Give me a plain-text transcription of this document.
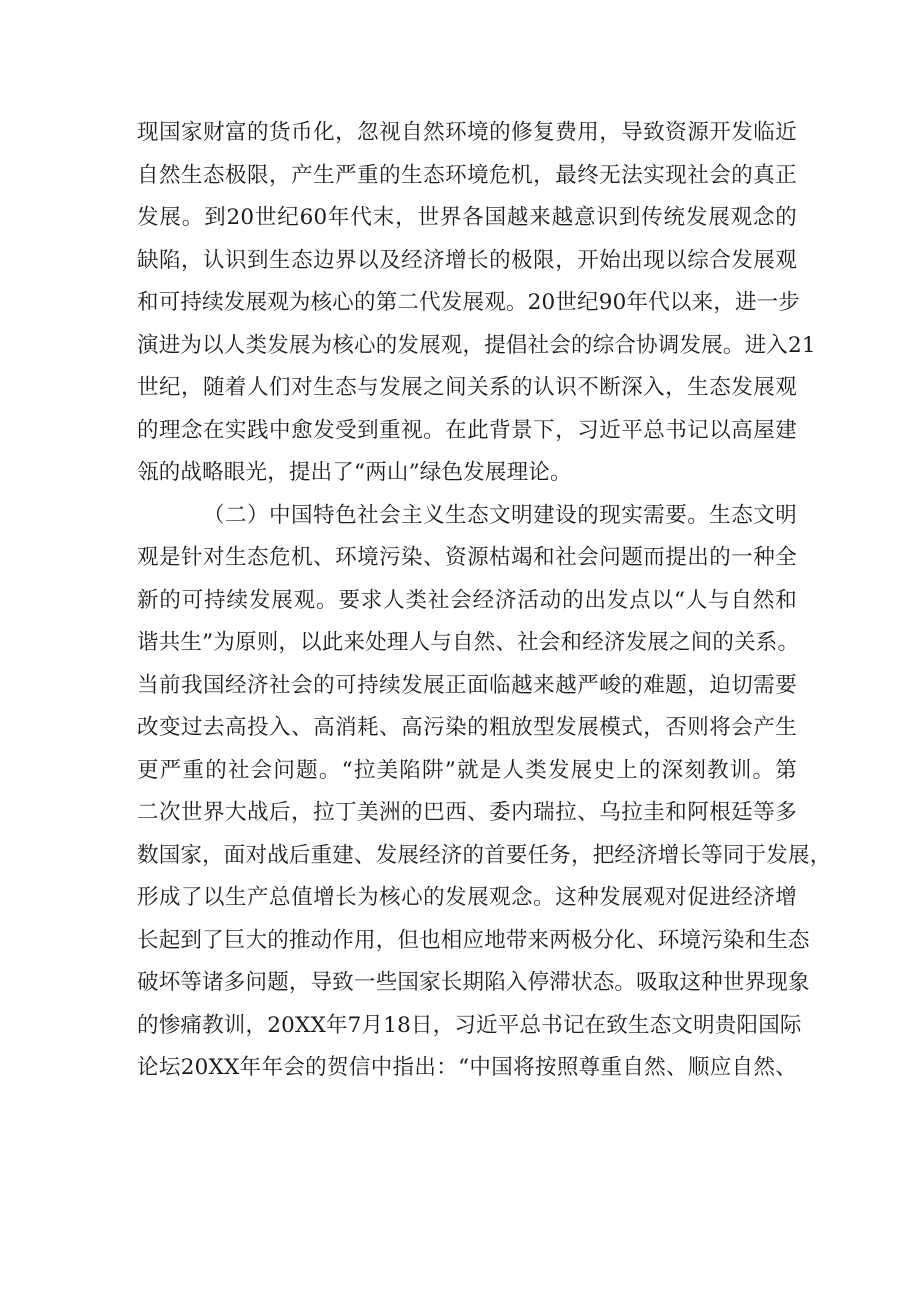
现国家财富的货币化，忽视自然环境的修复费用，导致资源开发临近
自然生态极限，产生严重的生态环境危机，最终无法实现社会的真正
发展。到20世纪60年代末，世界各国越来越意识到传统发展观念的
缺陷，认识到生态边界以及经济增长的极限，开始出现以综合发展观
和可持续发展观为核心的第二代发展观。20世纪90年代以来，进一步
演进为以人类发展为核心的发展观，提倡社会的综合协调发展。进入21
世纪，随着人们对生态与发展之间关系的认识不断深入，生态发展观
的理念在实践中愈发受到重视。在此背景下，习近平总书记以高屋建
瓴的战略眼光，提出了“两山”绿色发展理论。
（二）中国特色社会主义生态文明建设的现实需要。生态文明
观是针对生态危机、环境污染、资源枯竭和社会问题而提出的一种全
新的可持续发展观。要求人类社会经济活动的出发点以“人与自然和
谐共生”为原则，以此来处理人与自然、社会和经济发展之间的关系。
当前我国经济社会的可持续发展正面临越来越严峻的难题，迫切需要
改变过去高投入、高消耗、高污染的粗放型发展模式，否则将会产生
更严重的社会问题。“拉美陷阱”就是人类发展史上的深刻教训。第
二次世界大战后，拉丁美洲的巴西、委内瑞拉、乌拉圭和阿根廷等多
数国家，面对战后重建、发展经济的首要任务，把经济增长等同于发展，
形成了以生产总值增长为核心的发展观念。这种发展观对促进经济增
长起到了巨大的推动作用，但也相应地带来两极分化、环境污染和生态
破坏等诸多问题，导致一些国家长期陷入停滞状态。吸取这种世界现象
的惨痛教训，20XX年7月18日，习近平总书记在致生态文明贵阳国际
论坛20XX年年会的贺信中指出：“中国将按照尊重自然、顺应自然、
